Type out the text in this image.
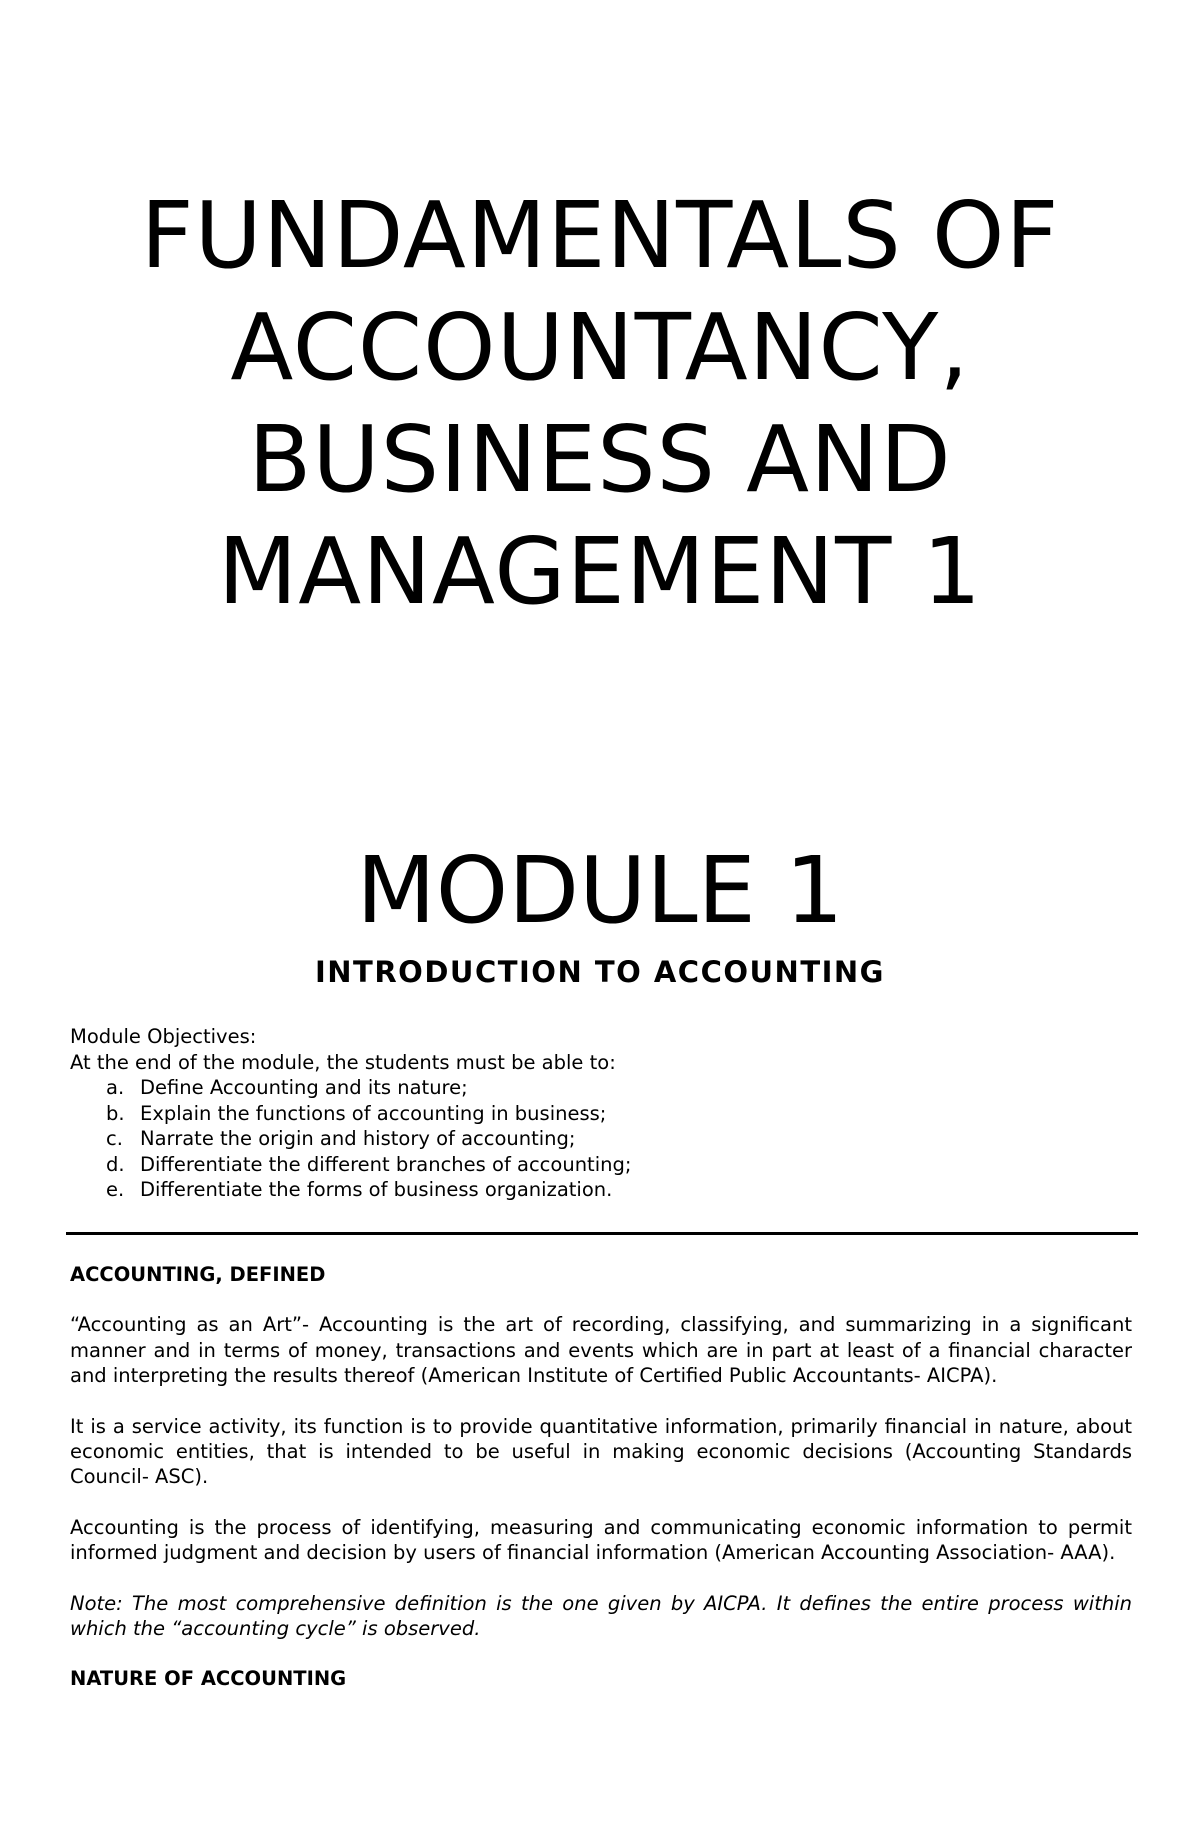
FUNDAMENTALS OF
ACCOUNTANCY,
BUSINESS AND
MANAGEMENT 1
MODULE 1
INTRODUCTION TO ACCOUNTING

Module Objectives:

At the end of the module, the students must be able to:

a. Define Accounting and its nature;
b. Explain the functions of accounting in business;
c. Narrate the origin and history of accounting;
d. Differentiate the different branches of accounting;
e. Differentiate the forms of business organization.
ACCOUNTING, DEFINED

“Accounting as an Art”- Accounting is the art of recording, classifying, and summarizing in a significant manner and in terms of money, transactions and events which are in part at least of a financial character and interpreting the results thereof (American Institute of Certified Public Accountants- AICPA).

It is a service activity, its function is to provide quantitative information, primarily financial in nature, about economic entities, that is intended to be useful in making economic decisions (Accounting Standards Council- ASC).

Accounting is the process of identifying, measuring and communicating economic information to permit informed judgment and decision by users of financial information (American Accounting Association- AAA).

Note: The most comprehensive definition is the one given by AICPA. It defines the entire process within which the “accounting cycle” is observed.

NATURE OF ACCOUNTING
